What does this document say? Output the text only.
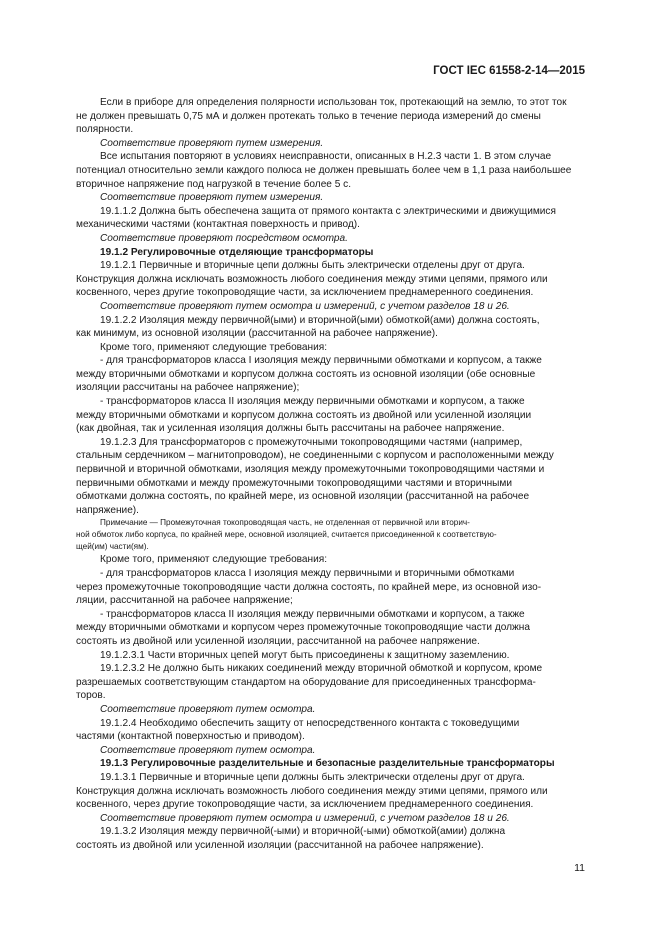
ГОСТ IEC 61558-2-14—2015

Если в приборе для определения полярности использован ток, протекающий на землю, то этот ток
не должен превышать 0,75 мА и должен протекать только в течение периода измерений до смены
полярности.

Соответствие проверяют путем измерения.

Все испытания повторяют в условиях неисправности, описанных в Н.2.3 части 1. В этом случае
потенциал относительно земли каждого полюса не должен превышать более чем в 1,1 раза наибольшее
вторичное напряжение под нагрузкой в течение более 5 с.

Соответствие проверяют путем измерения.

19.1.1.2 Должна быть обеспечена защита от прямого контакта с электрическими и движущимися
механическими частями (контактная поверхность и привод).

Соответствие проверяют посредством осмотра.

19.1.2 Регулировочные отделяющие трансформаторы

19.1.2.1 Первичные и вторичные цепи должны быть электрически отделены друг от друга.
Конструкция должна исключать возможность любого соединения между этими цепями, прямого или
косвенного, через другие токопроводящие части, за исключением преднамеренного соединения.

Соответствие проверяют путем осмотра и измерений, с учетом разделов 18 и 26.

19.1.2.2 Изоляция между первичной(ыми) и вторичной(ыми) обмоткой(ами) должна состоять,
как минимум, из основной изоляции (рассчитанной на рабочее напряжение).

Кроме того, применяют следующие требования:

- для трансформаторов класса I изоляция между первичными обмотками и корпусом, а также
между вторичными обмотками и корпусом должна состоять из основной изоляции (обе основные
изоляции рассчитаны на рабочее напряжение);

- трансформаторов класса II изоляция между первичными обмотками и корпусом, а также
между вторичными обмотками и корпусом должна состоять из двойной или усиленной изоляции
(как двойная, так и усиленная изоляция должны быть рассчитаны на рабочее напряжение.

19.1.2.3 Для трансформаторов с промежуточными токопроводящими частями (например,
стальным сердечником – магнитопроводом), не соединенными с корпусом и расположенными между
первичной и вторичной обмотками, изоляция между промежуточными токопроводящими частями и
первичными обмотками и между промежуточными токопроводящими частями и вторичными
обмотками должна состоять, по крайней мере, из основной изоляции (рассчитанной на рабочее
напряжение).

Примечание — Промежуточная токопроводящая часть, не отделенная от первичной или вторич-
ной обмоток либо корпуса, по крайней мере, основной изоляцией, считается присоединенной к соответствую-
щей(им) части(ям).

Кроме того, применяют следующие требования:

- для трансформаторов класса I изоляция между первичными и вторичными обмотками
через промежуточные токопроводящие части должна состоять, по крайней мере, из основной изо-
ляции, рассчитанной на рабочее напряжение;

- трансформаторов класса II изоляция между первичными обмотками и корпусом, а также
между вторичными обмотками и корпусом через промежуточные токопроводящие части должна
состоять из двойной или усиленной изоляции, рассчитанной на рабочее напряжение.

19.1.2.3.1 Части вторичных цепей могут быть присоединены к защитному заземлению.

19.1.2.3.2 Не должно быть никаких соединений между вторичной обмоткой и корпусом, кроме
разрешаемых соответствующим стандартом на оборудование для присоединенных трансформа-
торов.

Соответствие проверяют путем осмотра.

19.1.2.4 Необходимо обеспечить защиту от непосредственного контакта с токоведущими
частями (контактной поверхностью и приводом).

Соответствие проверяют путем осмотра.

19.1.3 Регулировочные разделительные и безопасные разделительные трансформаторы

19.1.3.1 Первичные и вторичные цепи должны быть электрически отделены друг от друга.
Конструкция должна исключать возможность любого соединения между этими цепями, прямого или
косвенного, через другие токопроводящие части, за исключением преднамеренного соединения.

Соответствие проверяют путем осмотра и измерений, с учетом разделов 18 и 26.

19.1.3.2 Изоляция между первичной(-ыми) и вторичной(-ыми) обмоткой(амии) должна
состоять из двойной или усиленной изоляции (рассчитанной на рабочее напряжение).

11
